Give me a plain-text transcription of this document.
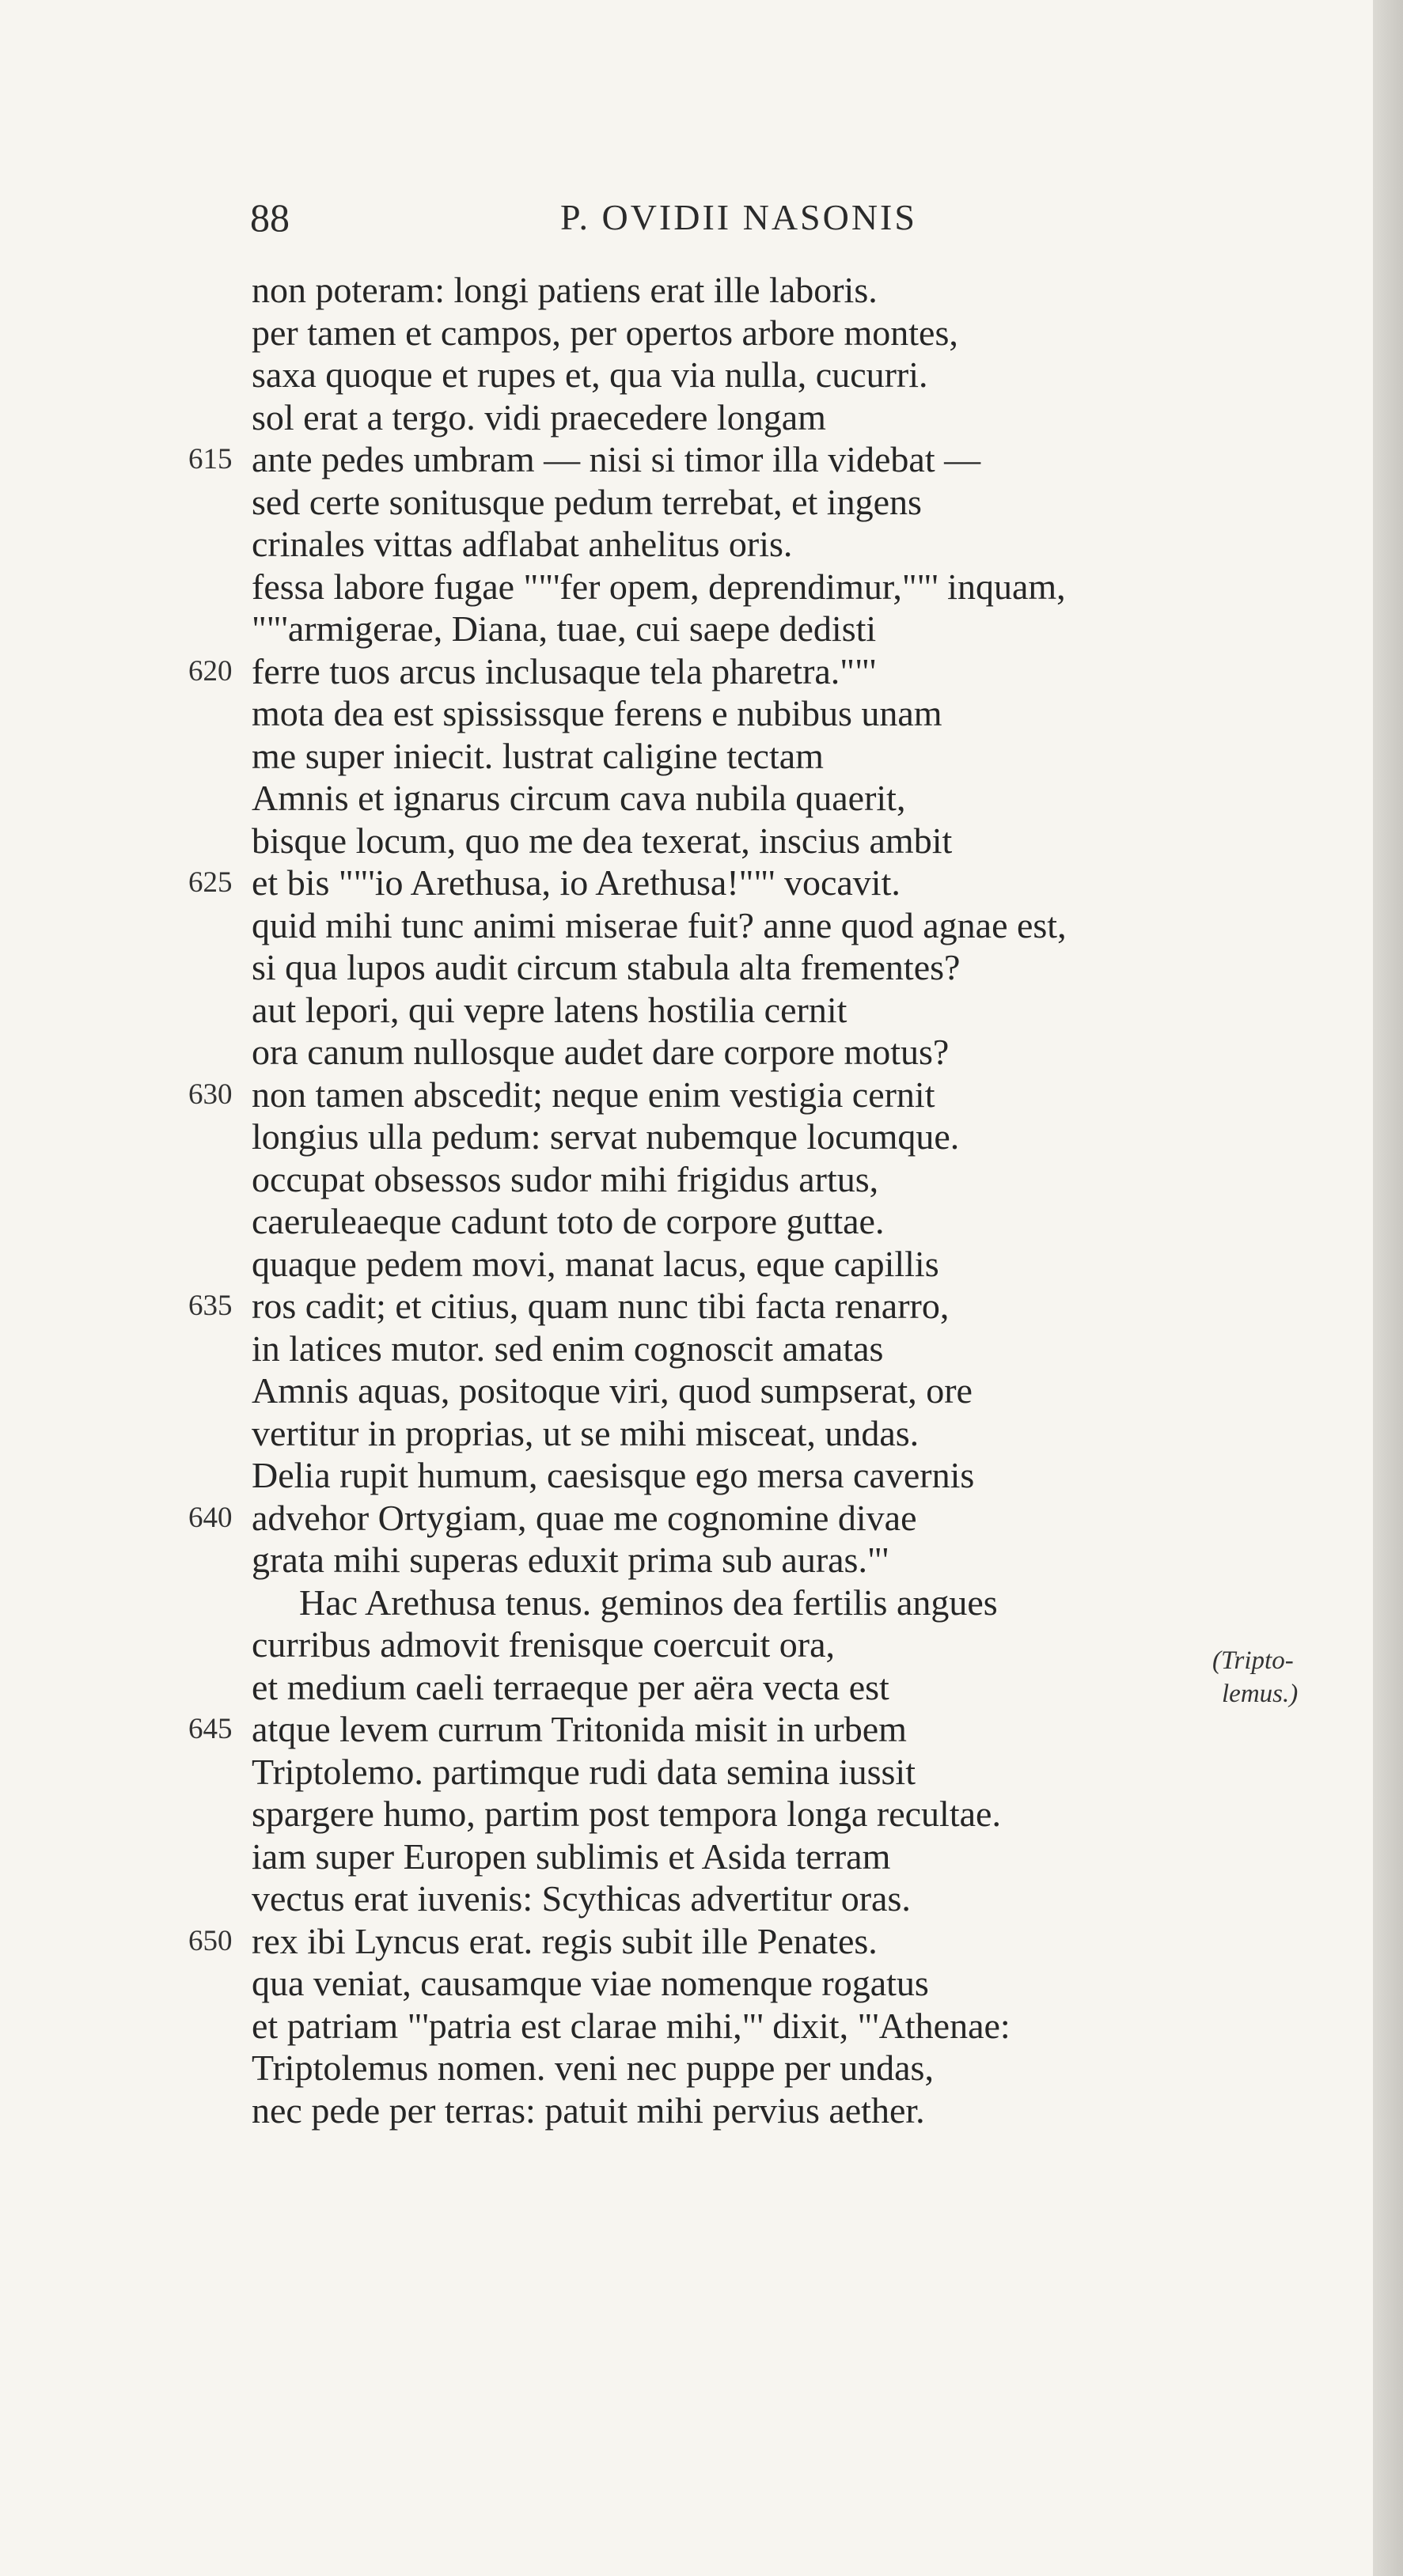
88	P. OVIDII NASONIS
non poteram: longi patiens erat ille laboris.
per tamen et campos, per opertos arbore montes,
saxa quoque et rupes et, qua via nulla, cucurri.
sol erat a tergo. vidi praecedere longam
615 ante pedes umbram — nisi si timor illa videbat —
sed certe sonitusque pedum terrebat, et ingens
crinales vittas adflabat anhelitus oris.
fessa labore fugae ""'fer opem, deprendimur,""' inquam,
""'armigerae, Diana, tuae, cui saepe dedisti
620 ferre tuos arcus inclusaque tela pharetra.""'
mota dea est spississque ferens e nubibus unam
me super iniecit. lustrat caligine tectam
Amnis et ignarus circum cava nubila quaerit,
bisque locum, quo me dea texerat, inscius ambit
625 et bis ""'io Arethusa, io Arethusa!""' vocavit.
quid mihi tunc animi miserae fuit? anne quod agnae est,
si qua lupos audit circum stabula alta frementes?
aut lepori, qui vepre latens hostilia cernit
ora canum nullosque audet dare corpore motus?
630 non tamen abscedit; neque enim vestigia cernit
longius ulla pedum: servat nubemque locumque.
occupat obsessos sudor mihi frigidus artus,
caeruleaeque cadunt toto de corpore guttae.
quaque pedem movi, manat lacus, eque capillis
635 ros cadit; et citius, quam nunc tibi facta renarro,
in latices mutor. sed enim cognoscit amatas
Amnis aquas, positoque viri, quod sumpserat, ore
vertitur in proprias, ut se mihi misceat, undas.
Delia rupit humum, caesisque ego mersa cavernis
640 advehor Ortygiam, quae me cognomine divae
grata mihi superas eduxit prima sub auras."'
Hac Arethusa tenus. geminos dea fertilis angues
curribus admovit frenisque coercuit ora,
et medium caeli terraeque per aëra vecta est
645 atque levem currum Tritonida misit in urbem
Triptolemo. partimque rudi data semina iussit
spargere humo, partim post tempora longa recultae.
iam super Europen sublimis et Asida terram
vectus erat iuvenis: Scythicas advertitur oras.
650 rex ibi Lyncus erat. regis subit ille Penates.
qua veniat, causamque viae nomenque rogatus
et patriam "'patria est clarae mihi,"' dixit, "'Athenae:
Triptolemus nomen. veni nec puppe per undas,
nec pede per terras: patuit mihi pervius aether.
(Tripto-
lemus.)
